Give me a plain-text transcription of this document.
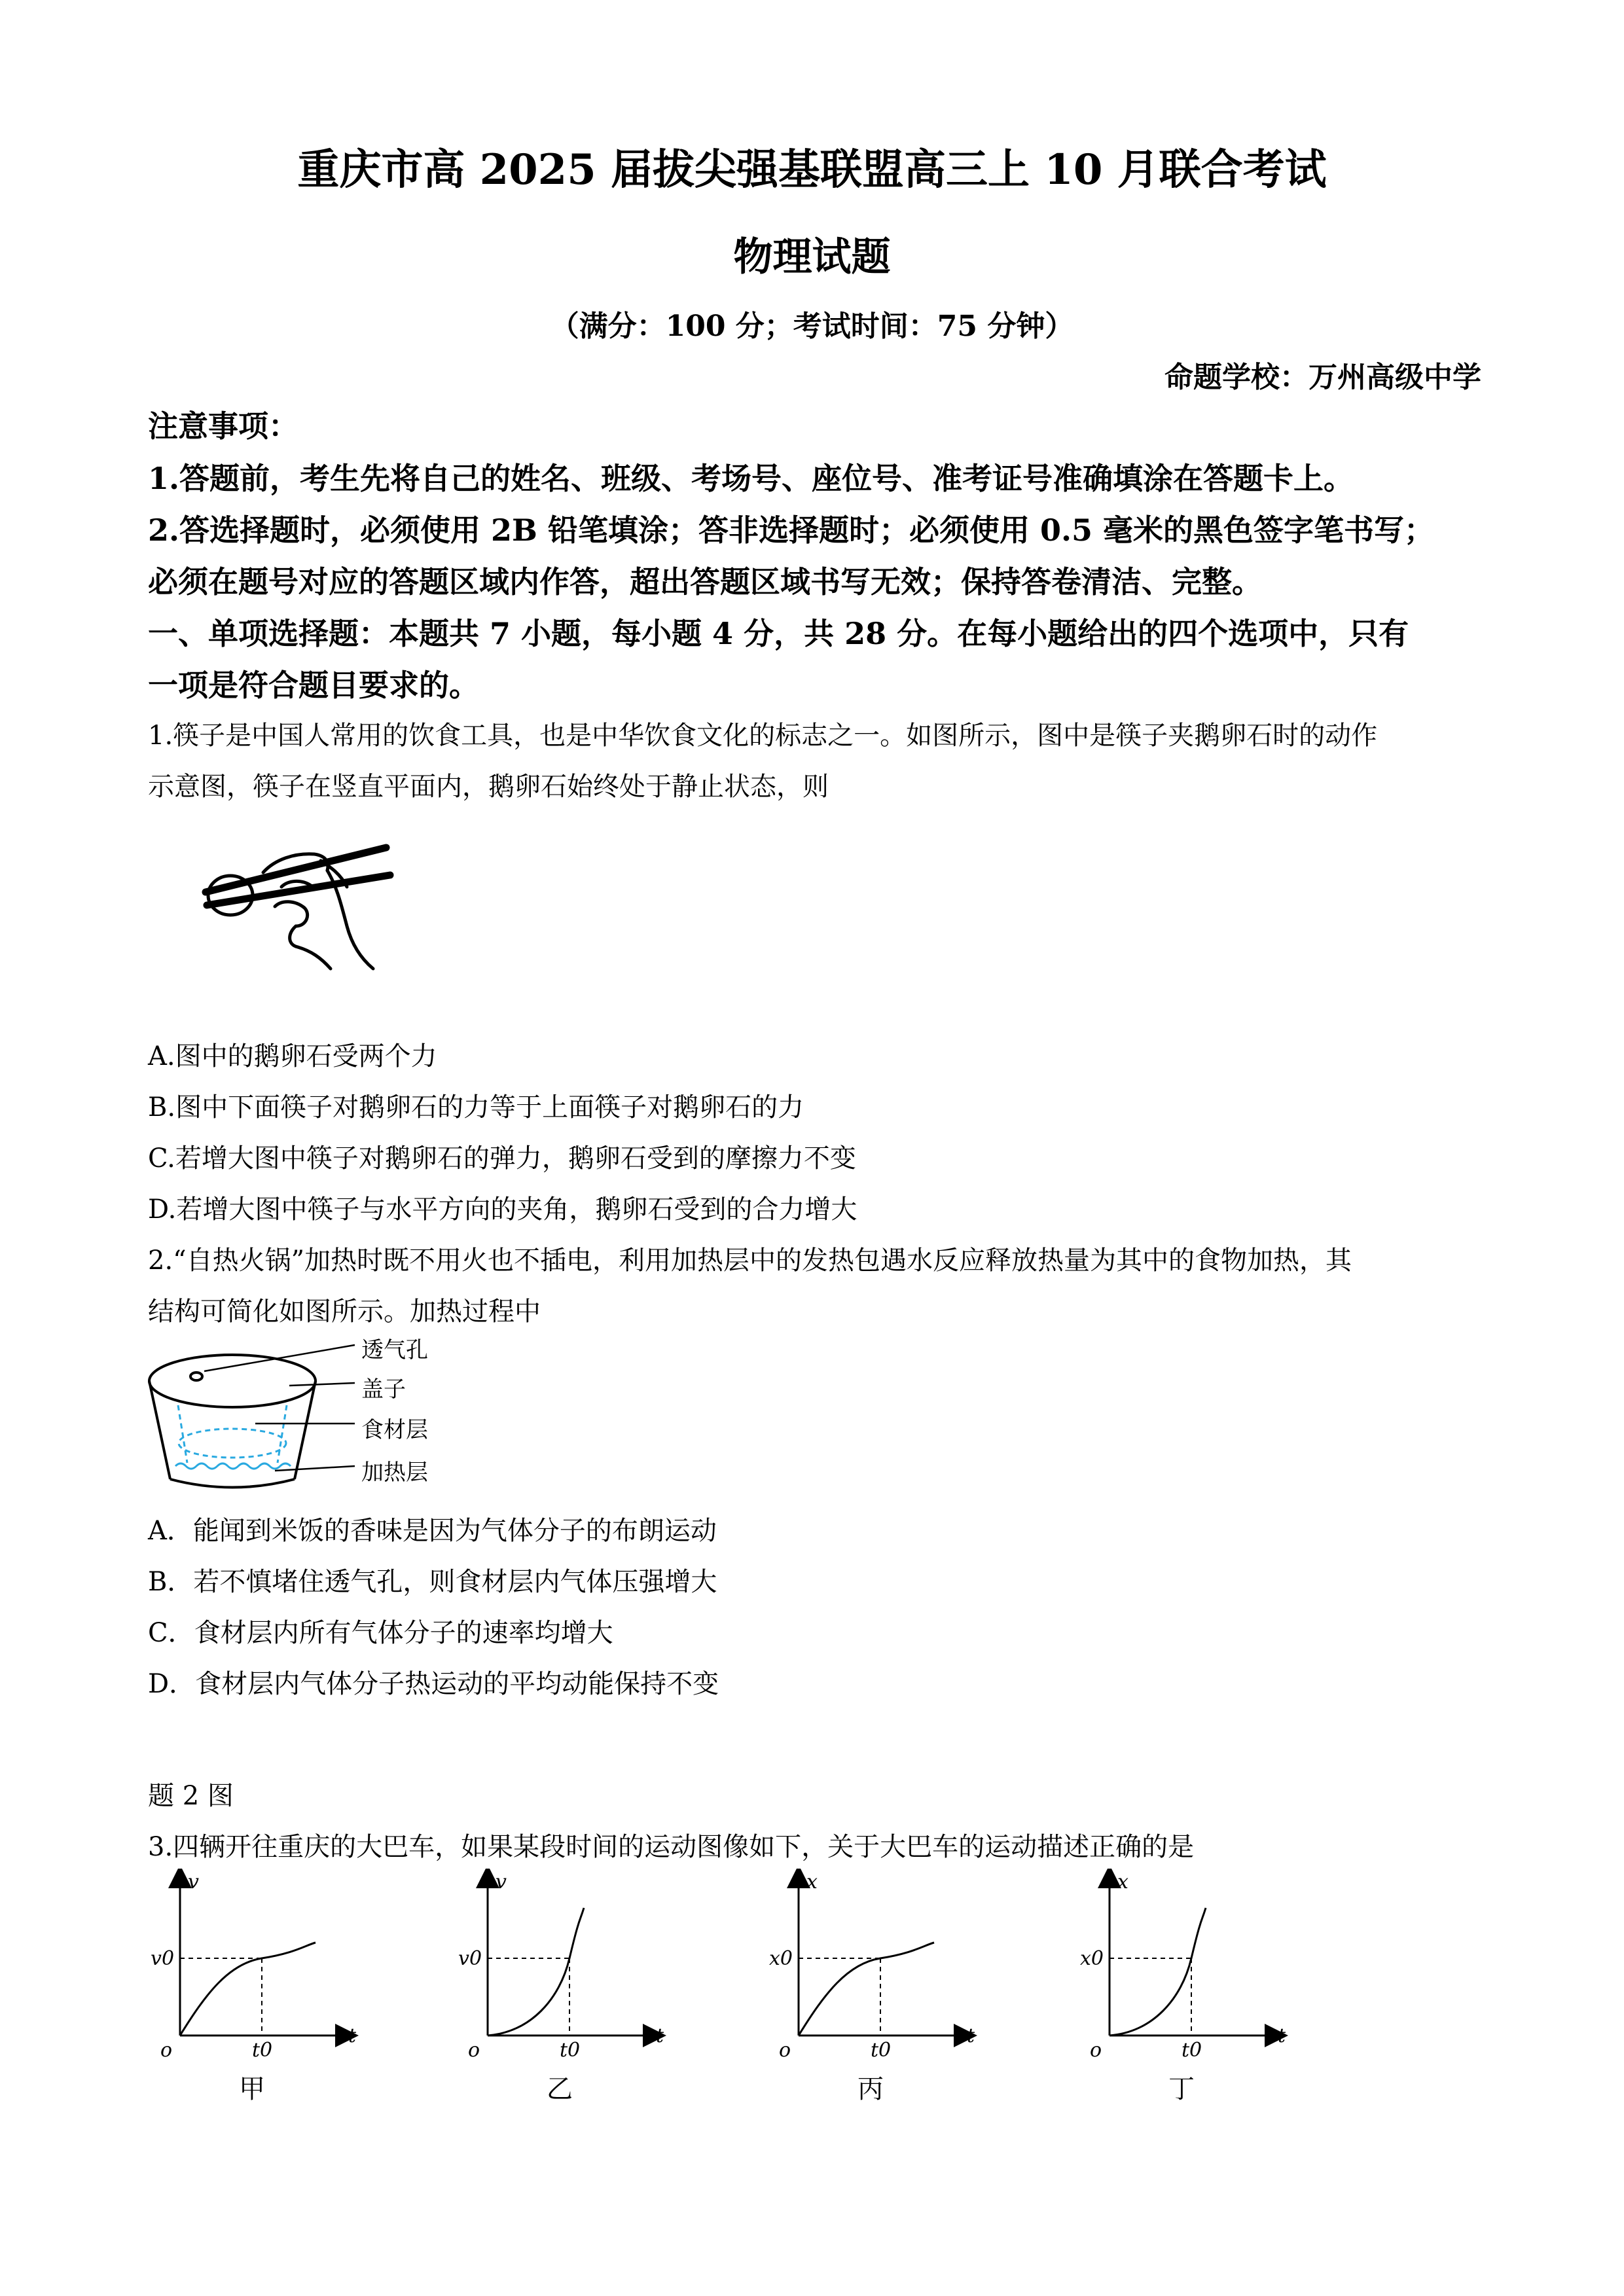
重庆市高 2025 届拔尖强基联盟高三上 10 月联合考试
物理试题
（满分：100 分；考试时间：75 分钟）
命题学校：万州高级中学
注意事项：
1.答题前，考生先将自己的姓名、班级、考场号、座位号、准考证号准确填涂在答题卡上。
2.答选择题时，必须使用 2B 铅笔填涂；答非选择题时；必须使用 0.5 毫米的黑色签字笔书写；
必须在题号对应的答题区域内作答，超出答题区域书写无效；保持答卷清洁、完整。
一、单项选择题：本题共 7 小题，每小题 4 分，共 28 分。在每小题给出的四个选项中，只有
一项是符合题目要求的。
1.筷子是中国人常用的饮食工具，也是中华饮食文化的标志之一。如图所示，图中是筷子夹鹅卵石时的动作
示意图，筷子在竖直平面内，鹅卵石始终处于静止状态，则
A.图中的鹅卵石受两个力
B.图中下面筷子对鹅卵石的力等于上面筷子对鹅卵石的力
C.若增大图中筷子对鹅卵石的弹力，鹅卵石受到的摩擦力不变
D.若增大图中筷子与水平方向的夹角，鹅卵石受到的合力增大
2.“自热火锅”加热时既不用火也不插电，利用加热层中的发热包遇水反应释放热量为其中的食物加热，其
结构可简化如图所示。加热过程中
透气孔
盖子
食材层
加热层
A．能闻到米饭的香味是因为气体分子的布朗运动
B．若不慎堵住透气孔，则食材层内气体压强增大
C．食材层内所有气体分子的速率均增大
D．食材层内气体分子热运动的平均动能保持不变
题 2 图
3.四辆开往重庆的大巴车，如果某段时间的运动图像如下，关于大巴车的运动描述正确的是
v
t
o
v0
t0
甲
v
t
o
v0
t0
乙
x
t
o
x0
t0
丙
x
t
o
x0
t0
丁
